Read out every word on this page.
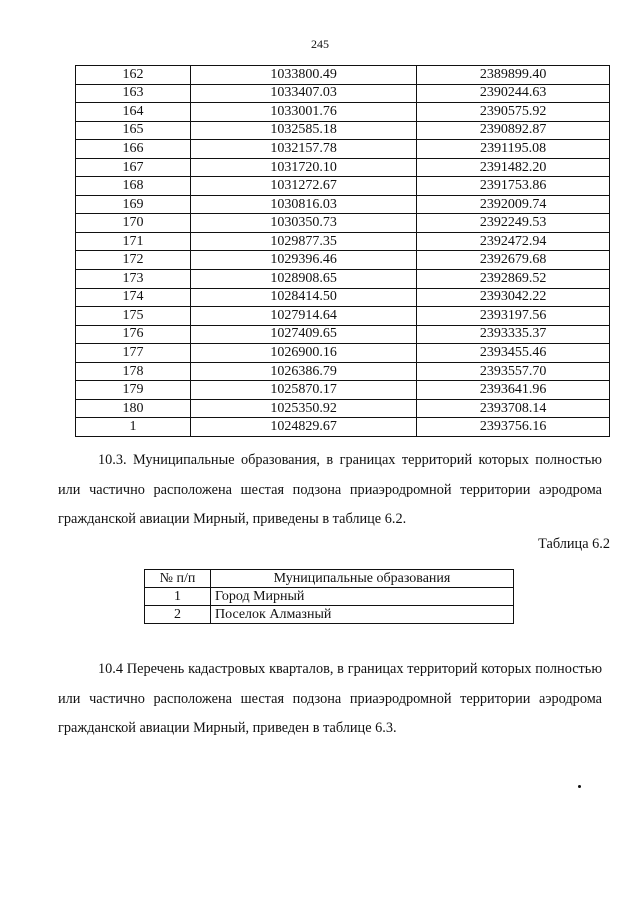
245
162	1033800.49	2389899.40
163	1033407.03	2390244.63
164	1033001.76	2390575.92
165	1032585.18	2390892.87
166	1032157.78	2391195.08
167	1031720.10	2391482.20
168	1031272.67	2391753.86
169	1030816.03	2392009.74
170	1030350.73	2392249.53
171	1029877.35	2392472.94
172	1029396.46	2392679.68
173	1028908.65	2392869.52
174	1028414.50	2393042.22
175	1027914.64	2393197.56
176	1027409.65	2393335.37
177	1026900.16	2393455.46
178	1026386.79	2393557.70
179	1025870.17	2393641.96
180	1025350.92	2393708.14
1	1024829.67	2393756.16
10.3. Муниципальные образования, в границах территорий которых полностью или частично расположена шестая подзона приаэродромной территории аэродрома гражданской авиации Мирный, приведены в таблице 6.2.
Таблица 6.2
№ п/п	Муниципальные образования
1	Город Мирный
2	Поселок Алмазный
10.4 Перечень кадастровых кварталов, в границах территорий которых полностью или частично расположена шестая подзона приаэродромной территории аэродрома гражданской авиации Мирный, приведен в таблице 6.3.
